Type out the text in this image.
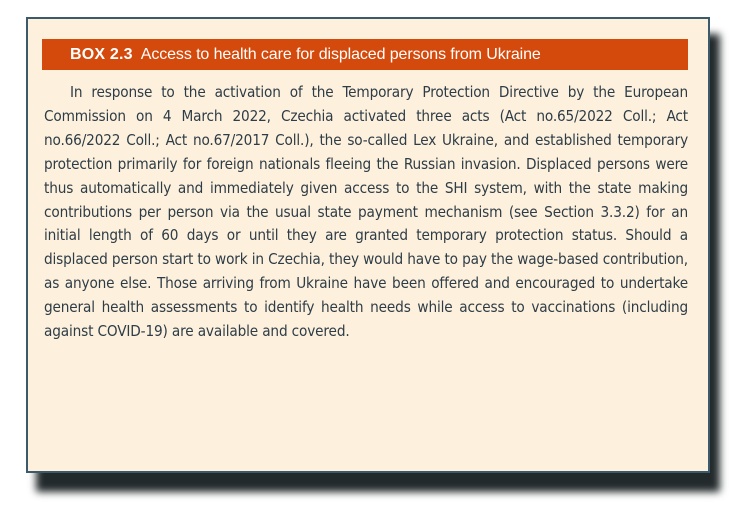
BOX 2.3 Access to health care for displaced persons from Ukraine

In response to the activation of the Temporary Protection Directive by the European Commission on 4 March 2022, Czechia activated three acts (Act no.65/2022 Coll.; Act no.66/2022 Coll.; Act no.67/2017 Coll.), the so-called Lex Ukraine, and established temporary protection primarily for foreign nationals fleeing the Russian invasion. Displaced persons were thus automatically and immediately given access to the SHI system, with the state making contributions per person via the usual state payment mechanism (see Section 3.3.2) for an initial length of 60 days or until they are granted temporary protection status. Should a displaced person start to work in Czechia, they would have to pay the wage-based contribution, as anyone else. Those arriving from Ukraine have been offered and encouraged to undertake general health assessments to identify health needs while access to vaccinations (including against COVID-19) are available and covered.
